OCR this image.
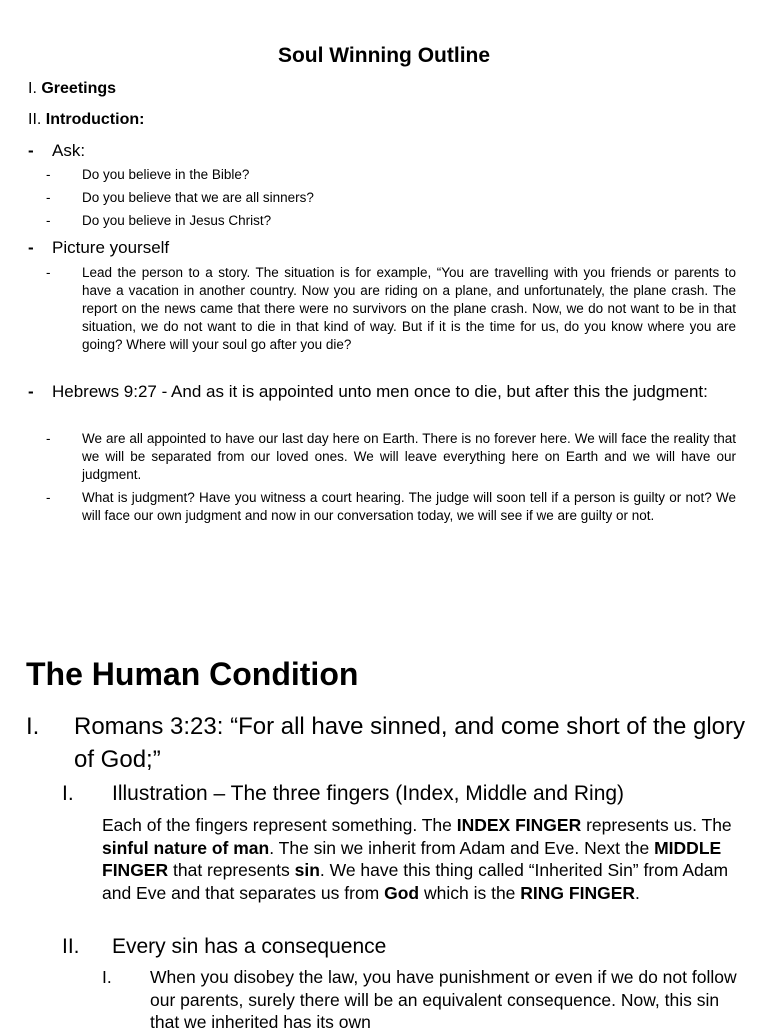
Soul Winning Outline
I. Greetings
II. Introduction:
- Ask:
- Do you believe in the Bible?
- Do you believe that we are all sinners?
- Do you believe in Jesus Christ?
- Picture yourself
- Lead the person to a story. The situation is for example, “You are travelling with you friends or parents to have a vacation in another country. Now you are riding on a plane, and unfortunately, the plane crash. The report on the news came that there were no survivors on the plane crash. Now, we do not want to be in that situation, we do not want to die in that kind of way. But if it is the time for us, do you know where you are going? Where will your soul go after you die?
- Hebrews 9:27 - And as it is appointed unto men once to die, but after this the judgment:
- We are all appointed to have our last day here on Earth. There is no forever here. We will face the reality that we will be separated from our loved ones. We will leave everything here on Earth and we will have our judgment.
- What is judgment? Have you witness a court hearing. The judge will soon tell if a person is guilty or not? We will face our own judgment and now in our conversation today, we will see if we are guilty or not.
The Human Condition
I. Romans 3:23: “For all have sinned, and come short of the glory of God;”
I. Illustration – The three fingers (Index, Middle and Ring)
Each of the fingers represent something. The INDEX FINGER represents us. The sinful nature of man. The sin we inherit from Adam and Eve. Next the MIDDLE FINGER that represents sin. We have this thing called “Inherited Sin” from Adam and Eve and that separates us from God which is the RING FINGER.
II. Every sin has a consequence
I. When you disobey the law, you have punishment or even if we do not follow our parents, surely there will be an equivalent consequence. Now, this sin that we inherited has its own
